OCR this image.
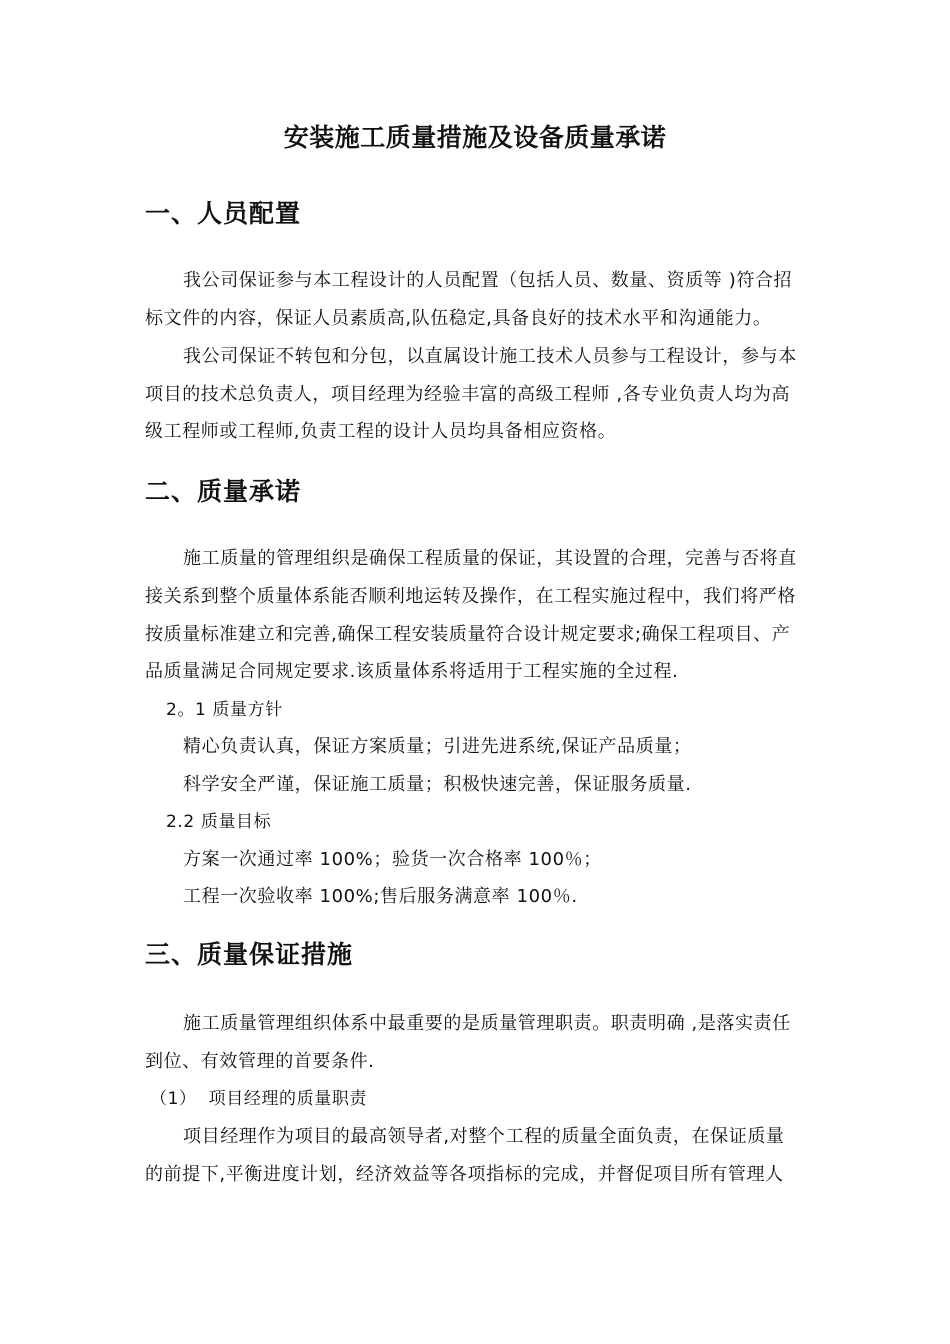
安装施工质量措施及设备质量承诺
一、人员配置
我公司保证参与本工程设计的人员配置（包括人员、数量、资质等 )符合招
标文件的内容，保证人员素质高,队伍稳定,具备良好的技术水平和沟通能力。
我公司保证不转包和分包，以直属设计施工技术人员参与工程设计，参与本
项目的技术总负责人，项目经理为经验丰富的高级工程师 ,各专业负责人均为高
级工程师或工程师,负责工程的设计人员均具备相应资格。
二、质量承诺
施工质量的管理组织是确保工程质量的保证，其设置的合理，完善与否将直
接关系到整个质量体系能否顺利地运转及操作，在工程实施过程中，我们将严格
按质量标准建立和完善,确保工程安装质量符合设计规定要求;确保工程项目、产
品质量满足合同规定要求.该质量体系将适用于工程实施的全过程.
2。1 质量方针
精心负责认真，保证方案质量；引进先进系统,保证产品质量；
科学安全严谨，保证施工质量；积极快速完善，保证服务质量.
2.2 质量目标
方案一次通过率 100%；验货一次合格率 100％；
工程一次验收率 100%;售后服务满意率 100％.
三、质量保证措施
施工质量管理组织体系中最重要的是质量管理职责。职责明确 ,是落实责任
到位、有效管理的首要条件.
（1）  项目经理的质量职责
项目经理作为项目的最高领导者,对整个工程的质量全面负责，在保证质量
的前提下,平衡进度计划，经济效益等各项指标的完成，并督促项目所有管理人
